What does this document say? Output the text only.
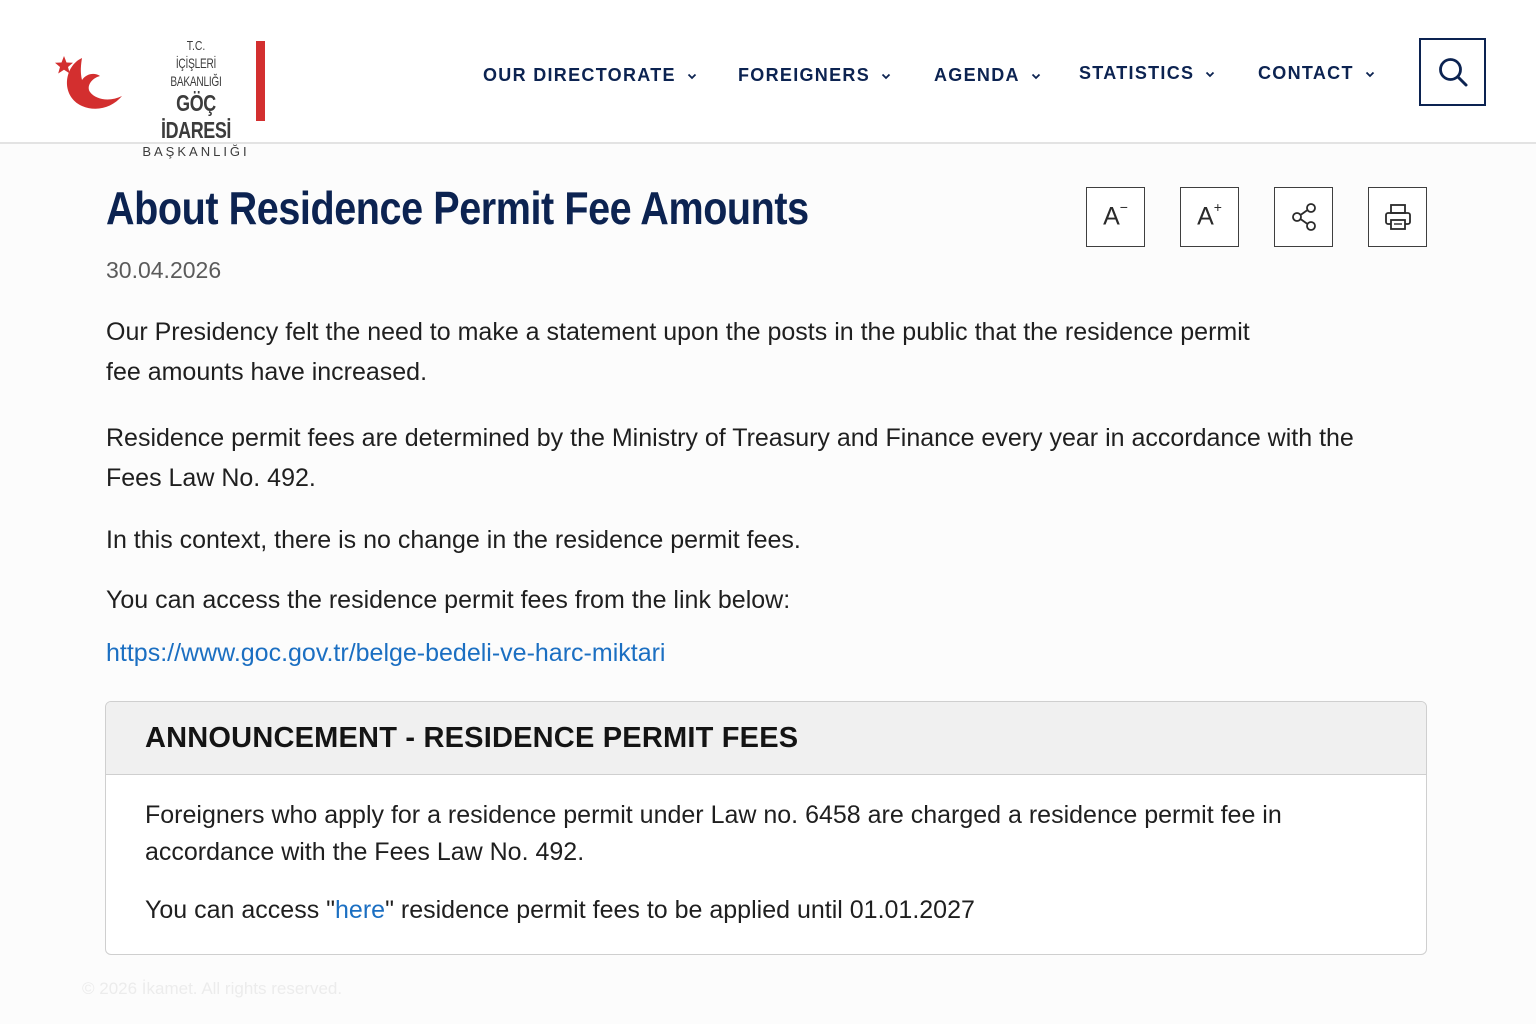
T.C.
İÇİŞLERİ BAKANLIĞI
GÖÇ İDARESİ
BAŞKANLIĞI
OUR DIRECTORATE	FOREIGNERS	AGENDA	STATISTICS	CONTACT
About Residence Permit Fee Amounts
30.04.2026
A−	A+

Our Presidency felt the need to make a statement upon the posts in the public that the residence permit fee amounts have increased.

Residence permit fees are determined by the Ministry of Treasury and Finance every year in accordance with the Fees Law No. 492.

In this context, there is no change in the residence permit fees.

You can access the residence permit fees from the link below:

https://www.goc.gov.tr/belge-bedeli-ve-harc-miktari
ANNOUNCEMENT - RESIDENCE PERMIT FEES

Foreigners who apply for a residence permit under Law no. 6458 are charged a residence permit fee in accordance with the Fees Law No. 492.

You can access "here" residence permit fees to be applied until 01.01.2027

© 2026 İkamet. All rights reserved.
